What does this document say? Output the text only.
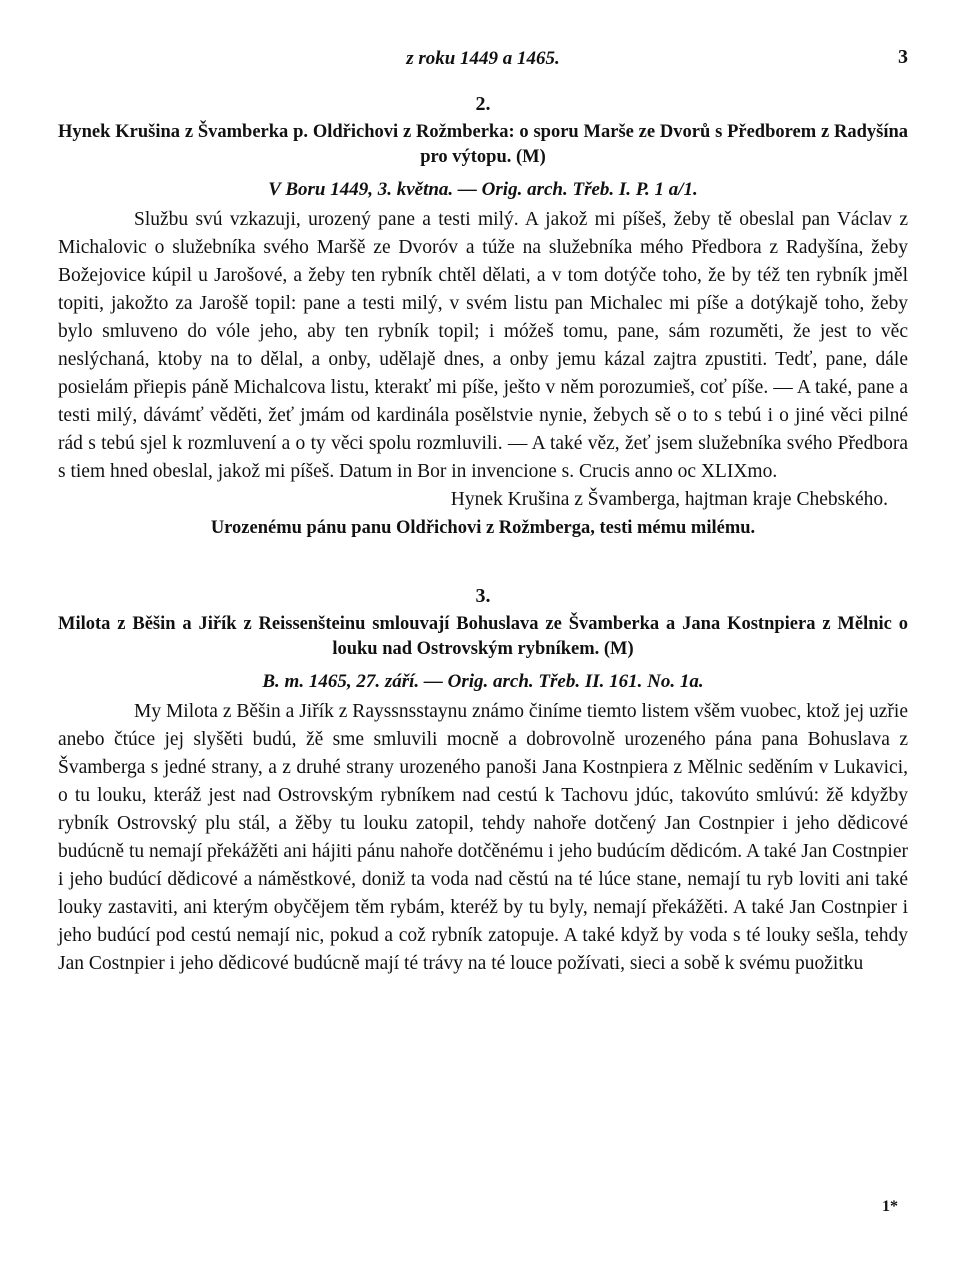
z roku 1449 a 1465.	3
2.

Hynek Krušina z Švamberka p. Oldřichovi z Rožmberka: o sporu Marše ze Dvorů s Předborem z Radyšína pro výtopu. (M)

V Boru 1449, 3. května. — Orig. arch. Třeb. I. P. 1 a/1.

Službu svú vzkazuji, urozený pane a testi milý. A jakož mi píšeš, žeby tě obeslal pan Václav z Michalovic o služebníka svého Maršě ze Dvoróv a túže na služebníka mého Předbora z Radyšína, žeby Božejovice kúpil u Jarošové, a žeby ten rybník chtěl dělati, a v tom dotýče toho, že by též ten rybník jměl topiti, jakožto za Jarošě topil: pane a testi milý, v svém listu pan Michalec mi píše a dotýkajě toho, žeby bylo smluveno do vóle jeho, aby ten rybník topil; i móžeš tomu, pane, sám rozuměti, že jest to věc neslýchaná, ktoby na to dělal, a onby, udělajě dnes, a onby jemu kázal zajtra zpustiti. Tedť, pane, dále posielám přiepis páně Michalcova listu, kterakť mi píše, ješto v něm porozumieš, coť píše. — A také, pane a testi milý, dávámť věděti, žeť jmám od kardinála posělstvie nynie, žebych sě o to s tebú i o jiné věci pilné rád s tebú sjel k rozmluvení a o ty věci spolu rozmluvili. — A také věz, žeť jsem služebníka svého Předbora s tiem hned obeslal, jakož mi píšeš. Datum in Bor in invencione s. Crucis anno oc XLIXmo.

Hynek Krušina z Švamberga, hajtman kraje Chebského.

Urozenému pánu panu Oldřichovi z Rožmberga, testi mému milému.

3.

Milota z Běšin a Jiřík z Reissenšteinu smlouvají Bohuslava ze Švamberka a Jana Kostnpiera z Mělnic o louku nad Ostrovským rybníkem. (M)

B. m. 1465, 27. září. — Orig. arch. Třeb. II. 161. No. 1a.

My Milota z Běšin a Jiřík z Rayssnsstaynu známo činíme tiemto listem všěm vuobec, ktož jej uzřie anebo čtúce jej slyšěti budú, žě sme smluvili mocně a dobrovolně urozeného pána pana Bohuslava z Švamberga s jedné strany, a z druhé strany urozeného panoši Jana Kostnpiera z Mělnic seděním v Lukavici, o tu louku, kteráž jest nad Ostrovským rybníkem nad cestú k Tachovu jdúc, takovúto smlúvú: žě kdyžby rybník Ostrovský plu stál, a žěby tu louku zatopil, tehdy nahoře dotčený Jan Costnpier i jeho dědicové budúcně tu nemají překážěti ani hájiti pánu nahoře dotčěnému i jeho budúcím dědicóm. A také Jan Costnpier i jeho budúcí dědicové a náměstkové, doniž ta voda nad cěstú na té lúce stane, nemají tu ryb loviti ani také louky zastaviti, ani kterým obyčějem těm rybám, kteréž by tu byly, nemají překážěti. A také Jan Costnpier i jeho budúcí pod cestú nemají nic, pokud a což rybník zatopuje. A také když by voda s té louky sešla, tehdy Jan Costnpier i jeho dědicové budúcně mají té trávy na té louce požívati, sieci a sobě k svému puožitku

1*
